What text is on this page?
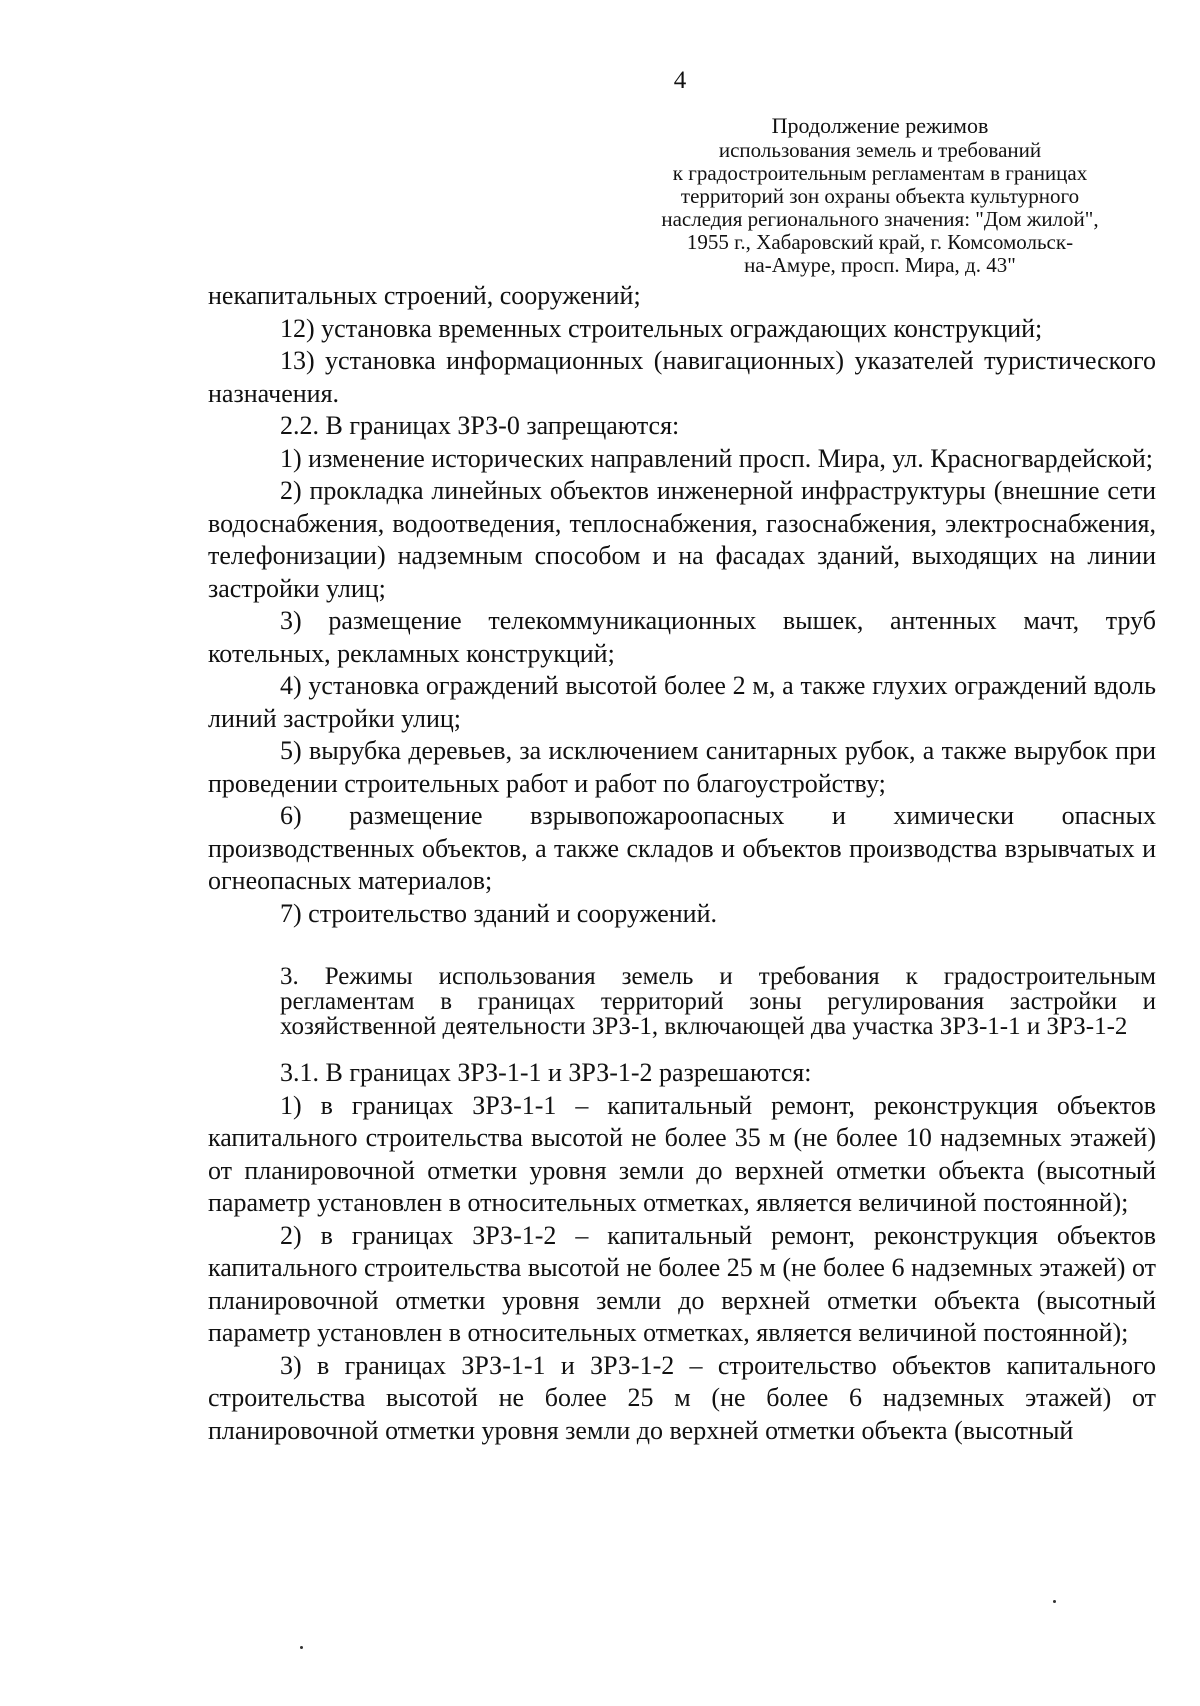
4
Продолжение режимов
использования земель и требований
к градостроительным регламентам в границах
территорий зон охраны объекта культурного
наследия регионального значения: "Дом жилой",
1955 г., Хабаровский край, г. Комсомольск-
на-Амуре, просп. Мира, д. 43"

некапитальных строений, сооружений;

12) установка временных строительных ограждающих конструкций;

13) установка информационных (навигационных) указателей туристического назначения.

2.2. В границах ЗРЗ-0 запрещаются:

1) изменение исторических направлений просп. Мира, ул. Красногвардейской;

2) прокладка линейных объектов инженерной инфраструктуры (внешние сети водоснабжения, водоотведения, теплоснабжения, газоснабжения, электроснабжения, телефонизации) надземным способом и на фасадах зданий, выходящих на линии застройки улиц;

3) размещение телекоммуникационных вышек, антенных мачт, труб котельных, рекламных конструкций;

4) установка ограждений высотой более 2 м, а также глухих ограждений вдоль линий застройки улиц;

5) вырубка деревьев, за исключением санитарных рубок, а также вырубок при проведении строительных работ и работ по благоустройству;

6) размещение взрывопожароопасных и химически опасных производственных объектов, а также складов и объектов производства взрывчатых и огнеопасных материалов;

7) строительство зданий и сооружений.

3. Режимы использования земель и требования к градостроительным регламентам в границах территорий зоны регулирования застройки и хозяйственной деятельности ЗРЗ-1, включающей два участка ЗРЗ-1-1 и ЗРЗ-1-2

3.1. В границах ЗРЗ-1-1 и ЗРЗ-1-2 разрешаются:

1) в границах ЗРЗ-1-1 – капитальный ремонт, реконструкция объектов капитального строительства высотой не более 35 м (не более 10 надземных этажей) от планировочной отметки уровня земли до верхней отметки объекта (высотный параметр установлен в относительных отметках, является величиной постоянной);

2) в границах ЗРЗ-1-2 – капитальный ремонт, реконструкция объектов капитального строительства высотой не более 25 м (не более 6 надземных этажей) от планировочной отметки уровня земли до верхней отметки объекта (высотный параметр установлен в относительных отметках, является величиной постоянной);

3) в границах ЗРЗ-1-1 и ЗРЗ-1-2 – строительство объектов капитального строительства высотой не более 25 м (не более 6 надземных этажей) от планировочной отметки уровня земли до верхней отметки объекта (высотный
